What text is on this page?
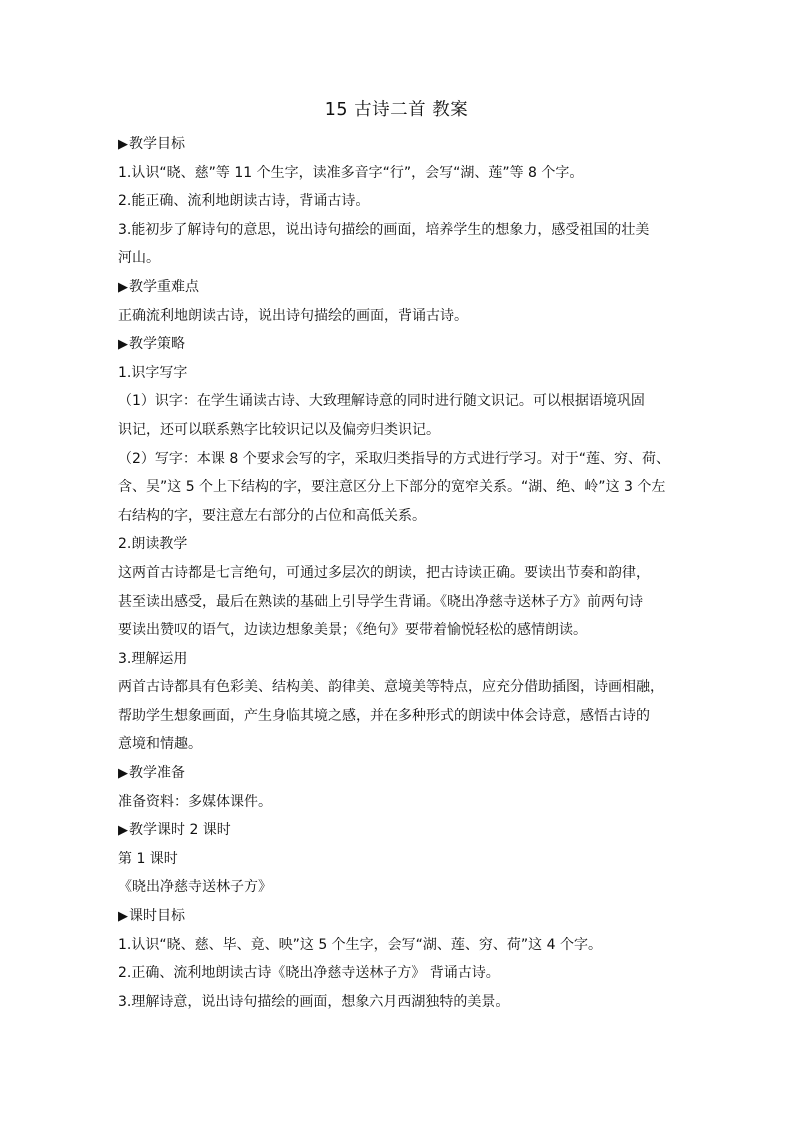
15 古诗二首 教案
▶教学目标
1.认识“晓、慈”等 11 个生字，读准多音字“行”，会写“湖、莲”等 8 个字。
2.能正确、流利地朗读古诗，背诵古诗。
3.能初步了解诗句的意思，说出诗句描绘的画面，培养学生的想象力，感受祖国的壮美
河山。
▶教学重难点
正确流利地朗读古诗，说出诗句描绘的画面，背诵古诗。
▶教学策略
1.识字写字
（1）识字：在学生诵读古诗、大致理解诗意的同时进行随文识记。可以根据语境巩固
识记，还可以联系熟字比较识记以及偏旁归类识记。
（2）写字：本课 8 个要求会写的字，采取归类指导的方式进行学习。对于“莲、穷、荷、
含、吴”这 5 个上下结构的字，要注意区分上下部分的宽窄关系。“湖、绝、岭”这 3 个左
右结构的字，要注意左右部分的占位和高低关系。
2.朗读教学
这两首古诗都是七言绝句，可通过多层次的朗读，把古诗读正确。要读出节奏和韵律，
甚至读出感受，最后在熟读的基础上引导学生背诵。《晓出净慈寺送林子方》前两句诗
要读出赞叹的语气，边读边想象美景；《绝句》要带着愉悦轻松的感情朗读。
3.理解运用
两首古诗都具有色彩美、结构美、韵律美、意境美等特点，应充分借助插图，诗画相融，
帮助学生想象画面，产生身临其境之感，并在多种形式的朗读中体会诗意，感悟古诗的
意境和情趣。
▶教学准备
准备资料：多媒体课件。
▶教学课时 2 课时
第 1 课时
《晓出净慈寺送林子方》
▶课时目标
1.认识“晓、慈、毕、竟、映”这 5 个生字，会写“湖、莲、穷、荷”这 4 个字。
2.正确、流利地朗读古诗《晓出净慈寺送林子方》 背诵古诗。
3.理解诗意，说出诗句描绘的画面，想象六月西湖独特的美景。
